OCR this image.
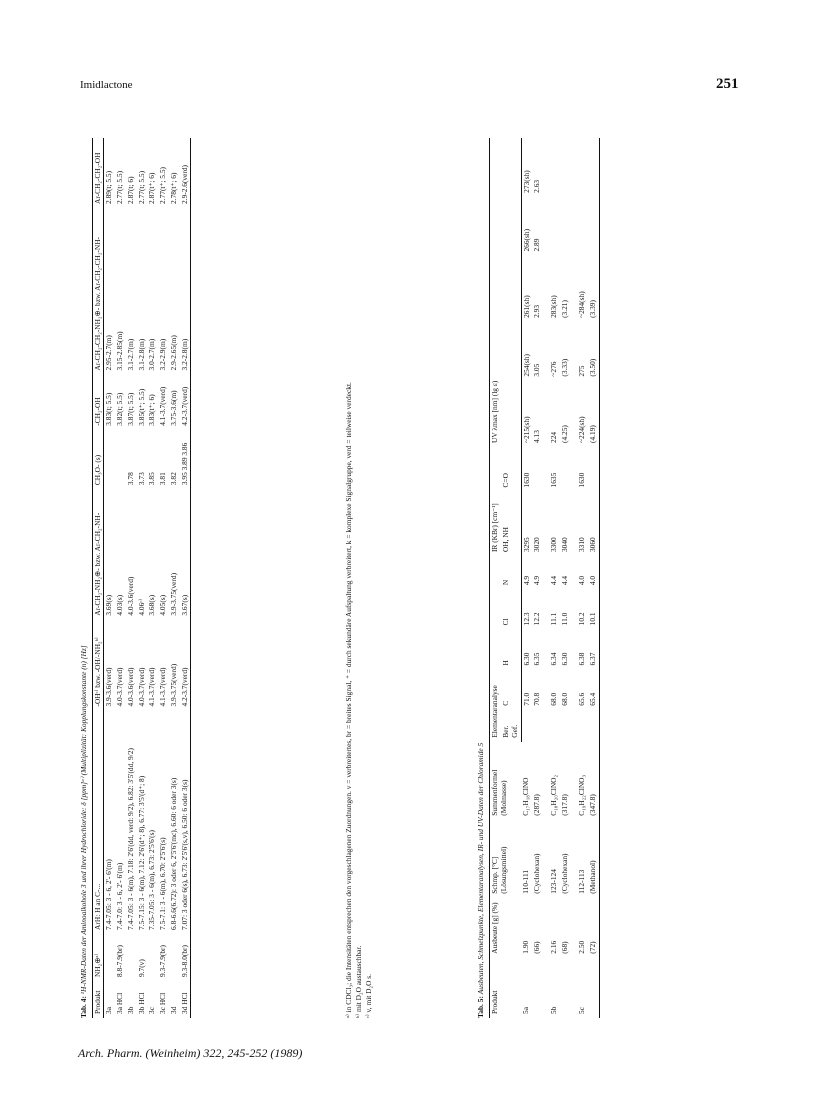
Imidlactone	251
Tab. 4: ¹H-NMR-Daten der Aminoalkohole 3 und ihrer Hydrochloride: δ [ppm]ᵃ⁾ (Multiplizität: Kopplungskonstante (n) [Hz]
Produkt	NH₂⊕ᵃ⁾	ArH: H an C-...	-OHᶜ⁾ bzw. -OH/-NH₂ᵇ⁾	Ar-CH₂-NH₂⊕- bzw. Ar-CH₂-NH-	CH₃O- (s)	-CH₂-OH	Ar-CH₂-CH₂-NH₂⊕- bzw. Ar-CH₂-CH₂-NH-	Ar-CH₂-CH₂-OH
3a		7.4-7.05: 3 - 6, 2'- 6'(m)	3.9-3.6(verd)	3.69(s)		3.83(t; 5.5)	2.95-2.7(m)	2.89(t; 5.5)
3a HCl	8.8-7.9(br)	7.4-7.0: 3 - 6, 2'- 6'(m)	4.0-3.7(verd)	4.03(s)		3.82(t; 5.5)	3.15-2.85(m)	2.77(t; 5.5)
3b		7.4-7.05: 3 - 6(m), 7.18: 2'6'(dd, verd: 9/2), 6.82: 3'5'(dd, 9/2)	4.0-3.6(verd)	4.0-3.6(verd)	3.78	3.87(t; 5.5)	3.1-2.7(m)	2.87(t; 6)
3b HCl	9.7(v)	7.5-7.15: 3 - 6(m), 7.12: 2'6'(d⁺; 8), 6.77: 3'5'(d⁺; 8)	4.0-3.7(verd)	4.06ᶜ⁾	3.73	3.85(t⁺; 5.5)	3.1-2.8(m)	2.77(t; 5.5)
3c		7.35-7.05: 3 - 6(m), 6.73: 2'5'6'(s)	4.1-3.7(verd)	3.68(s)	3.85	3.83(t⁺; 6)	3.0-2.7(m)	2.87(t⁺; 6)
3c HCl	9.3-7.9(br)	7.5-7.1: 3 - 6(m), 6.70: 2'5'6'(s)	4.1-3.7(verd)	4.05(s)	3.81	4.1-3.7(verd)	3.2-2.9(m)	2.77(t⁺; 5.5)
3d		6.8-6.6(6.72): 3 oder 6, 2'5'6'(mc), 6.60: 6 oder 3(s)	3.9-3.75(verd)	3.9-3.75(verd)	3.82	3.75-3.6(m)	2.9-2.65(m)	2.78(t⁺; 6)
3d HCl	9.3-8.0(br)	7.07: 3 oder 6(s), 6.73: 2'5'6'(s,v), 6.50: 6 oder 3(s)	4.2-3.7(verd)	3.67(s)	3.95 3.89 3.86	4.2-3.7(verd)	3.2-2.8(m)	2.9-2.6(verd)
ᵃ⁾ in CDCl₃; die Intensitäten entsprechen den vorgeschlagenen Zuordnungen. v = verbreitertes, br = breites Signal, ⁺ = durch sekundäre Aufspaltung verbreitert, k = komplexe Signalgruppe, verd = teilweise verdeckt. ᵇ⁾ mit D₂O austauschbar. ᶜ⁾ v, mit D₂O s.	Tab. 5: Ausbeuten, Schmelzpunkte, Elementaranalysen, IR- und UV-Daten der Chloramide 5
Produkt	Ausbeute [g] (%)	Schmp. [°C] (Lösungsmittel)	Summenformel (Molmasse)	Elementaranalyse					IR (KBr) [cm⁻¹]		UV λmax [nm] (lg ε)				
				Ber. Gef.	C	H	Cl	N	OH, NH	C=O					
5a	1.90	110-111	C₁₇H₁₈ClNO		71.0	6.30	12.3	4.9	3295	1630	~215(sh)	254(sh)	261(sh)	266(sh)	273(sh)
	(66)	(Cyclohexan)	(287.8)		70.8	6.35	12.2	4.9	3020		4.13	3.05	2.93	2.89	2.63
5b	2.16	123-124	C₁₈H₂₀ClNO₂		68.0	6.34	11.1	4.4	3300	1635	224	~276	283(sh)		
	(68)	(Cyclohexan)	(317.8)		68.0	6.30	11.0	4.4	3040		(4.25)	(3.33)	(3.21)		
5c	2.50	112-113	C₁₉H₂₂ClNO₃		65.6	6.38	10.2	4.0	3310	1630	~224(sh)	275	~284(sh)		
	(72)	(Methanol)	(347.8)		65.4	6.37	10.1	4.0	3060		(4.19)	(3.50)	(3.39)		
Arch. Pharm. (Weinheim) 322, 245-252 (1989)
